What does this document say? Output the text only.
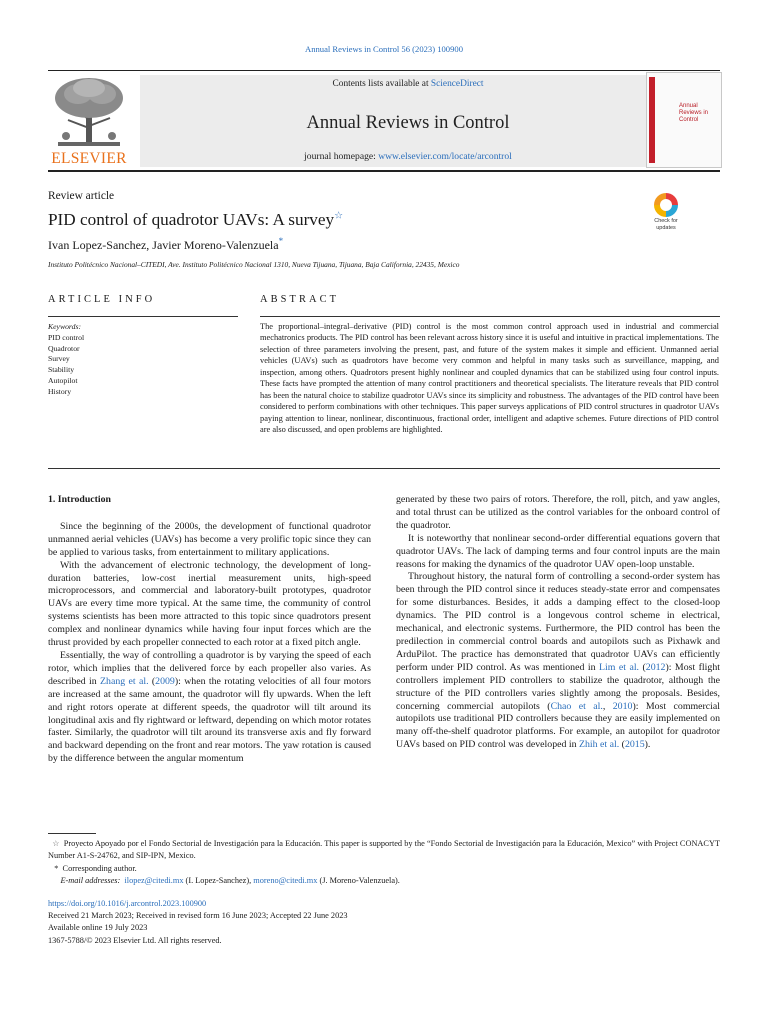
Annual Reviews in Control 56 (2023) 100900
ELSEVIER
Contents lists available at ScienceDirect
Annual Reviews in Control
journal homepage: www.elsevier.com/locate/arcontrol
Annual Reviews in Control
Check for
updates
Review article
PID control of quadrotor UAVs: A survey☆
Ivan Lopez-Sanchez, Javier Moreno-Valenzuela*
Instituto Politécnico Nacional–CITEDI, Ave. Instituto Politécnico Nacional 1310, Nueva Tijuana, Tijuana, Baja California, 22435, Mexico
ARTICLE INFO	ABSTRACT
Keywords:
PID control
Quadrotor
Survey
Stability
Autopilot
History
The proportional–integral–derivative (PID) control is the most common control approach used in industrial and commercial mechatronics products. The PID control has been relevant across history since it is useful and intuitive in practical implementations. The selection of three parameters involving the present, past, and future of the system makes it simple and efficient. Unmanned aerial vehicles (UAVs) such as quadrotors have become very common and helpful in many tasks such as surveillance, mapping, and inspection, among others. Quadrotors present highly nonlinear and coupled dynamics that can be stabilized using four control inputs. These facts have prompted the attention of many control practitioners and theoretical specialists. The literature reveals that PID control has been the natural choice to stabilize quadrotor UAVs since its simplicity and robustness. The advantages of the PID control have been considered to perform combinations with other techniques. This paper surveys applications of PID control structures in quadrotor UAVs paying attention to linear, nonlinear, discontinuous, fractional order, intelligent and adaptive schemes. Future directions of PID control are also discussed, and open problems are highlighted.
1. Introduction

Since the beginning of the 2000s, the development of functional quadrotor unmanned aerial vehicles (UAVs) has become a very prolific topic since they can be applied to various tasks, from entertainment to military applications.

With the advancement of electronic technology, the development of long-duration batteries, low-cost inertial measurement units, high-speed microprocessors, and commercial and laboratory-built prototypes, quadrotor UAVs are every time more typical. At the same time, the community of control systems scientists has been more attracted to this topic since quadrotors present complex and nonlinear dynamics while having four input forces which are the thrust provided by each propeller connected to each rotor at a fixed pitch angle.

Essentially, the way of controlling a quadrotor is by varying the speed of each rotor, which implies that the delivered force by each propeller also varies. As described in Zhang et al. (2009): when the rotating velocities of all four motors are increased at the same amount, the quadrotor will fly upwards. When the left and right rotors operate at different speeds, the quadrotor will tilt around its longitudinal axis and fly rightward or leftward, depending on which motor rotates faster. Similarly, the quadrotor will tilt around its transverse axis and fly forward and backward depending on the front and rear motors. The yaw rotation is caused by the difference between the angular momentum

generated by these two pairs of rotors. Therefore, the roll, pitch, and yaw angles, and total thrust can be utilized as the control variables for the onboard control of the quadrotor.

It is noteworthy that nonlinear second-order differential equations govern that quadrotor UAVs. The lack of damping terms and four control inputs are the main reasons for making the dynamics of the quadrotor UAV open-loop unstable.

Throughout history, the natural form of controlling a second-order system has been through the PID control since it reduces steady-state error and compensates for some disturbances. Besides, it adds a damping effect to the closed-loop dynamics. The PID control is a longevous control scheme in electrical, mechanical, and electronic systems. Furthermore, the PID control has been the predilection in commercial control boards and autopilots such as Pixhawk and ArduPilot. The practice has demonstrated that quadrotor UAVs can efficiently perform under PID control. As was mentioned in Lim et al. (2012): Most flight controllers implement PID controllers to stabilize the quadrotor, although the structure of the PID controllers varies slightly among the proposals. Besides, concerning commercial autopilots (Chao et al., 2010): Most commercial autopilots use traditional PID controllers because they are easily implemented on many off-the-shelf quadrotor platforms. For example, an autopilot for quadrotor UAVs based on PID control was developed in Zhih et al. (2015).

☆ Proyecto Apoyado por el Fondo Sectorial de Investigación para la Educación. This paper is supported by the “Fondo Sectorial de Investigación para la Educación, Mexico” with Project CONACYT Number A1-S-24762, and SIP-IPN, Mexico.

* Corresponding author.

E-mail addresses: ilopez@citedi.mx (I. Lopez-Sanchez), moreno@citedi.mx (J. Moreno-Valenzuela).

https://doi.org/10.1016/j.arcontrol.2023.100900
Received 21 March 2023; Received in revised form 16 June 2023; Accepted 22 June 2023
Available online 19 July 2023
1367-5788/© 2023 Elsevier Ltd. All rights reserved.
